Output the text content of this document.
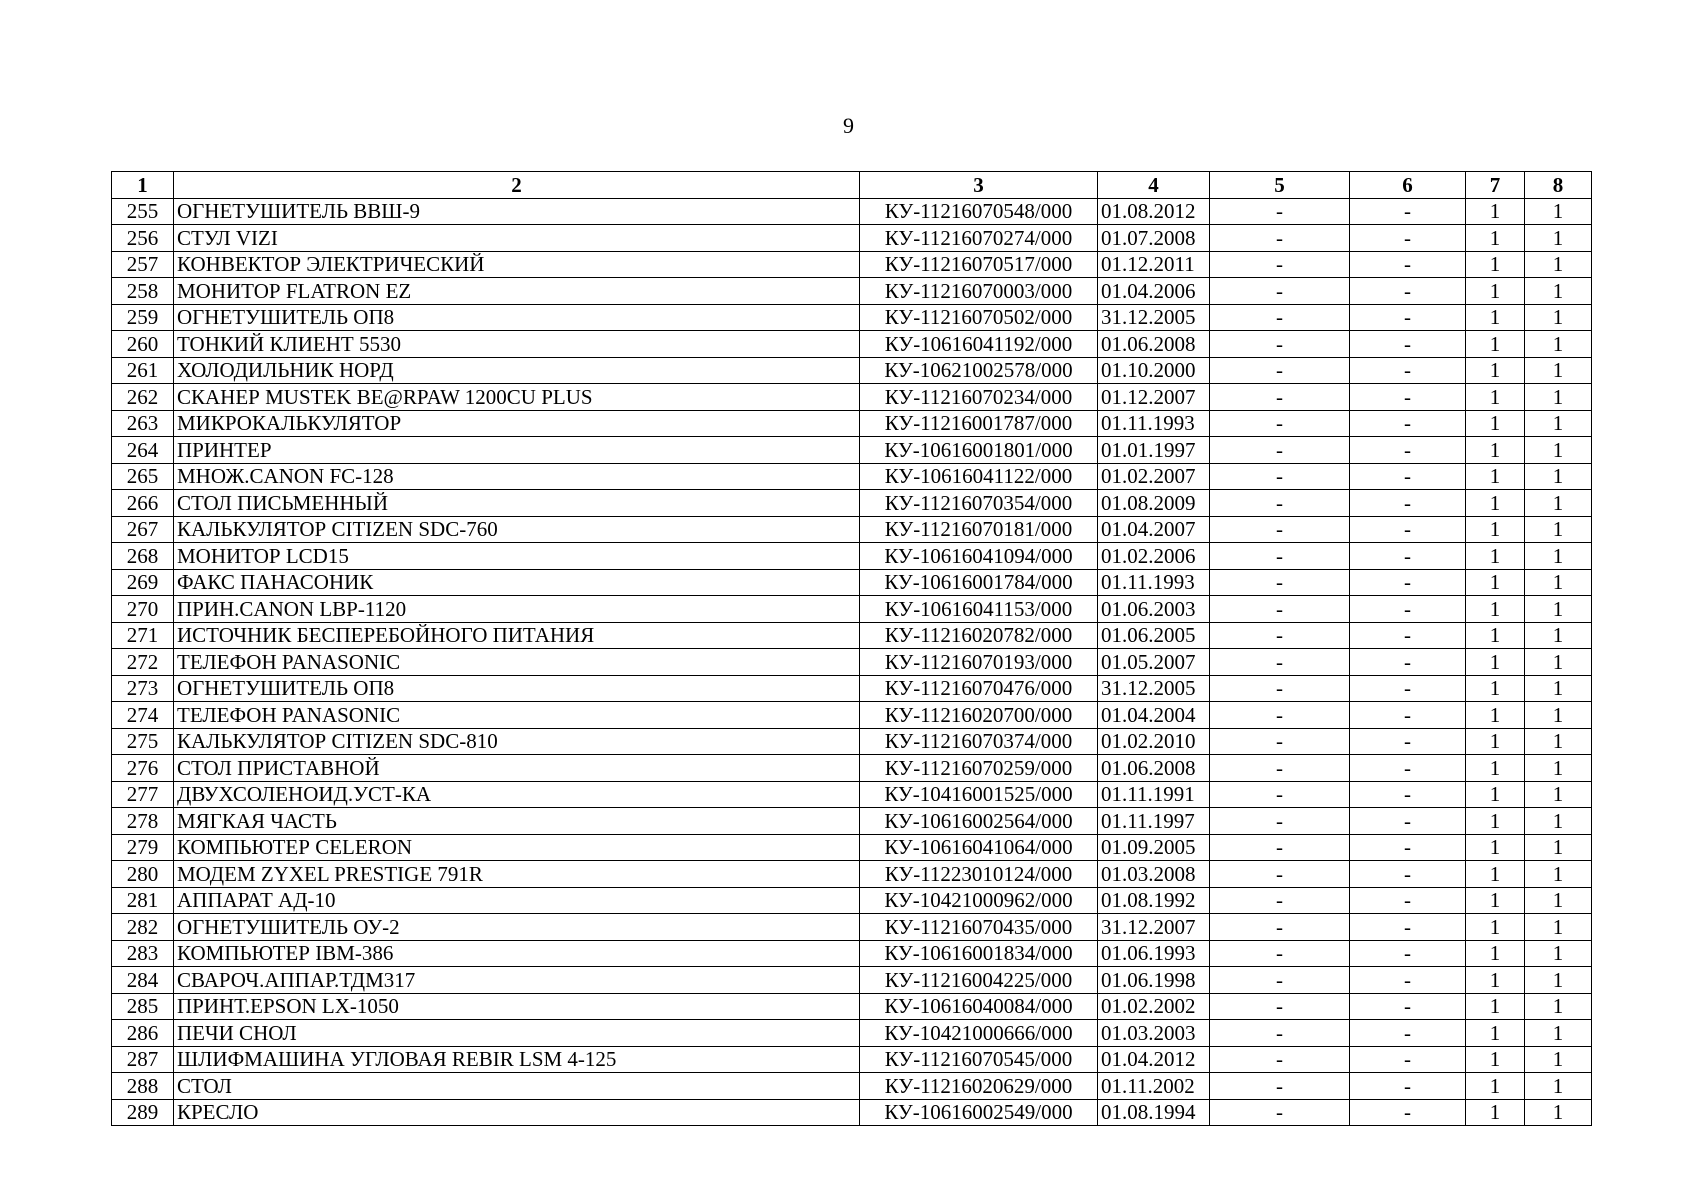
9
1	2	3	4	5	6	7	8
255	ОГНЕТУШИТЕЛЬ ВВШ-9	КУ-11216070548/000	01.08.2012	-	-	1	1
256	СТУЛ VIZI	КУ-11216070274/000	01.07.2008	-	-	1	1
257	КОНВЕКТОР ЭЛЕКТРИЧЕСКИЙ	КУ-11216070517/000	01.12.2011	-	-	1	1
258	МОНИТОР FLATRON EZ	КУ-11216070003/000	01.04.2006	-	-	1	1
259	ОГНЕТУШИТЕЛЬ ОП8	КУ-11216070502/000	31.12.2005	-	-	1	1
260	ТОНКИЙ КЛИЕНТ 5530	КУ-10616041192/000	01.06.2008	-	-	1	1
261	ХОЛОДИЛЬНИК НОРД	КУ-10621002578/000	01.10.2000	-	-	1	1
262	СКАНЕР MUSTEK BE@RPAW 1200CU PLUS	КУ-11216070234/000	01.12.2007	-	-	1	1
263	МИКРОКАЛЬКУЛЯТОР	КУ-11216001787/000	01.11.1993	-	-	1	1
264	ПРИНТЕР	КУ-10616001801/000	01.01.1997	-	-	1	1
265	МНОЖ.CANON FC-128	КУ-10616041122/000	01.02.2007	-	-	1	1
266	СТОЛ ПИСЬМЕННЫЙ	КУ-11216070354/000	01.08.2009	-	-	1	1
267	КАЛЬКУЛЯТОР CITIZEN SDC-760	КУ-11216070181/000	01.04.2007	-	-	1	1
268	МОНИТОР LCD15	КУ-10616041094/000	01.02.2006	-	-	1	1
269	ФАКС ПАНАСОНИК	КУ-10616001784/000	01.11.1993	-	-	1	1
270	ПРИН.CANON LBP-1120	КУ-10616041153/000	01.06.2003	-	-	1	1
271	ИСТОЧНИК БЕСПЕРЕБОЙНОГО ПИТАНИЯ	КУ-11216020782/000	01.06.2005	-	-	1	1
272	ТЕЛЕФОН PANASONIC	КУ-11216070193/000	01.05.2007	-	-	1	1
273	ОГНЕТУШИТЕЛЬ ОП8	КУ-11216070476/000	31.12.2005	-	-	1	1
274	ТЕЛЕФОН PANASONIC	КУ-11216020700/000	01.04.2004	-	-	1	1
275	КАЛЬКУЛЯТОР CITIZEN SDC-810	КУ-11216070374/000	01.02.2010	-	-	1	1
276	СТОЛ ПРИСТАВНОЙ	КУ-11216070259/000	01.06.2008	-	-	1	1
277	ДВУХСОЛЕНОИД.УСТ-КА	КУ-10416001525/000	01.11.1991	-	-	1	1
278	МЯГКАЯ ЧАСТЬ	КУ-10616002564/000	01.11.1997	-	-	1	1
279	КОМПЬЮТЕР CELERON	КУ-10616041064/000	01.09.2005	-	-	1	1
280	МОДЕМ ZYXEL PRESTIGE 791R	КУ-11223010124/000	01.03.2008	-	-	1	1
281	АППАРАТ АД-10	КУ-10421000962/000	01.08.1992	-	-	1	1
282	ОГНЕТУШИТЕЛЬ ОУ-2	КУ-11216070435/000	31.12.2007	-	-	1	1
283	КОМПЬЮТЕР IBM-386	КУ-10616001834/000	01.06.1993	-	-	1	1
284	СВАРОЧ.АППАР.ТДМ317	КУ-11216004225/000	01.06.1998	-	-	1	1
285	ПРИНТ.EPSON LX-1050	КУ-10616040084/000	01.02.2002	-	-	1	1
286	ПЕЧИ СНОЛ	КУ-10421000666/000	01.03.2003	-	-	1	1
287	ШЛИФМАШИНА УГЛОВАЯ REBIR LSM 4-125	КУ-11216070545/000	01.04.2012	-	-	1	1
288	СТОЛ	КУ-11216020629/000	01.11.2002	-	-	1	1
289	КРЕСЛО	КУ-10616002549/000	01.08.1994	-	-	1	1
